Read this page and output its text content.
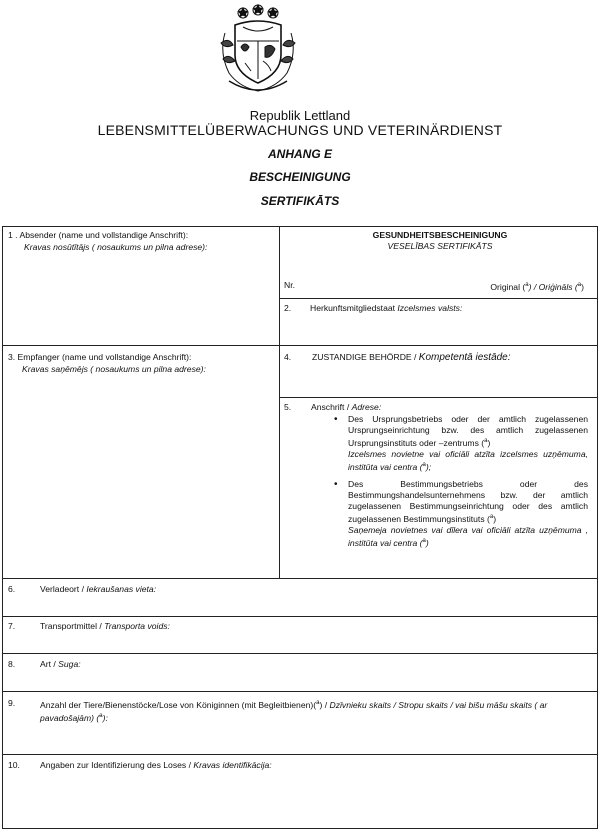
Republik Lettland
LEBENSMITTELÜBERWACHUNGS UND VETERINÄRDIENST
ANHANG E
BESCHEINIGUNG
SERTIFIKĀTS
1 . Absender (name und vollstandige Anschrift):
Kravas nosūtītājs ( nosaukums un pilna adrese):
GESUNDHEITSBESCHEINIGUNG
VESELĪBAS SERTIFIKĀTS
Nr.	Original ($^a$) / Oriģināls ($^a$)
2. Herkunftsmitgliedstaat Izcelsmes valsts:
3. Empfanger (name und vollstandige Anschrift):
Kravas saņēmējs ( nosaukums un pilna adrese):
4. ZUSTANDIGE BEHÖRDE / Kompetentā iestāde:
5. Anschrift / Adrese:
• Des Ursprungsbetriebs oder der amtlich zugelassenen Ursprungseinrichtung bzw. des amtlich zugelassenen Ursprungsinstituts oder –zentrums ($^a$)
Izcelsmes novietne vai oficiāli atzīta izcelsmes uzņēmuma, institūta vai centra ($^a$);
• Des Bestimmungsbetriebs oder des Bestimmungshandelsunternehmens bzw. der amtlich zugelassenen Bestimmungseinrichtung oder des amtlich zugelassenen Bestimmungsinstituts ($^a$)
Saņemeja novietnes vai dīlera vai oficiāli atzīta uzņēmuma , institūta vai centra ($^a$)
6.	Verladeort / Iekraušanas vieta:
7.	Transportmittel / Transporta voids:
8.	Art / Suga:
9.	Anzahl der Tiere/Bienenstöcke/Lose von Königinnen (mit Begleitbienen)($^a$) / Dzīvnieku skaits / Stropu skaits / vai bišu māšu skaits ( ar pavadošajām) ($^a$):
10. Angaben zur Identifizierung des Loses / Kravas identifikācija:
